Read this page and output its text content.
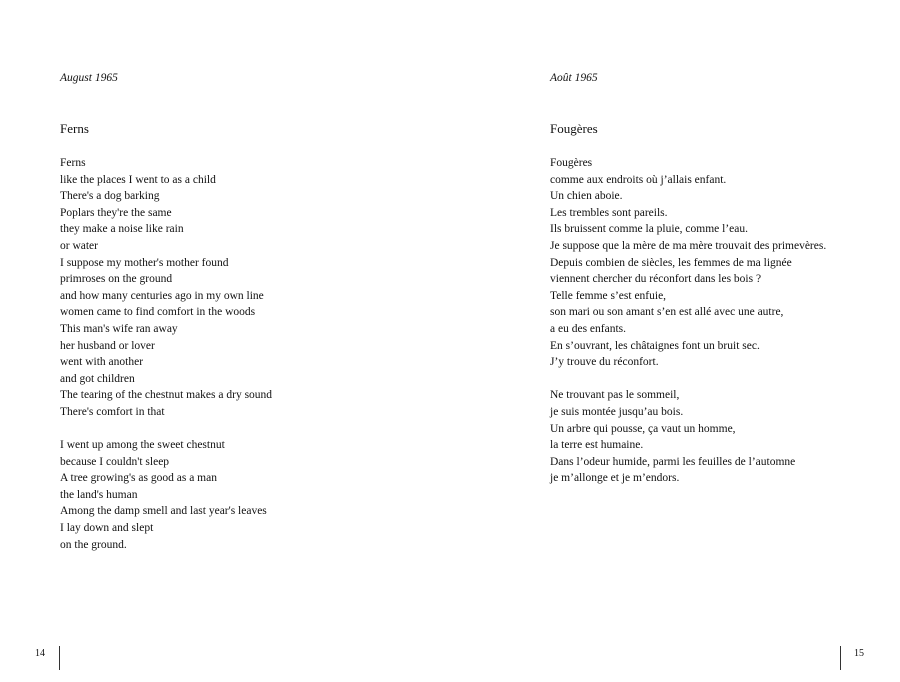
August 1965
Ferns
Ferns
like the places I went to as a child
There's a dog barking
Poplars they're the same
they make a noise like rain
or water
I suppose my mother's mother found
primroses on the ground
and how many centuries ago in my own line
women came to find comfort in the woods
This man's wife ran away
her husband or lover
went with another
and got children
The tearing of the chestnut makes a dry sound
There's comfort in that
I went up among the sweet chestnut
because I couldn't sleep
A tree growing's as good as a man
the land's human
Among the damp smell and last year's leaves
I lay down and slept
on the ground.
Août 1965
Fougères
Fougères
comme aux endroits où j’allais enfant.
Un chien aboie.
Les trembles sont pareils.
Ils bruissent comme la pluie, comme l’eau.
Je suppose que la mère de ma mère trouvait des primevères.
Depuis combien de siècles, les femmes de ma lignée
viennent chercher du réconfort dans les bois ?
Telle femme s’est enfuie,
son mari ou son amant s’en est allé avec une autre,
a eu des enfants.
En s’ouvrant, les châtaignes font un bruit sec.
J’y trouve du réconfort.
Ne trouvant pas le sommeil,
je suis montée jusqu’au bois.
Un arbre qui pousse, ça vaut un homme,
la terre est humaine.
Dans l’odeur humide, parmi les feuilles de l’automne
je m’allonge et je m’endors.
14	15
